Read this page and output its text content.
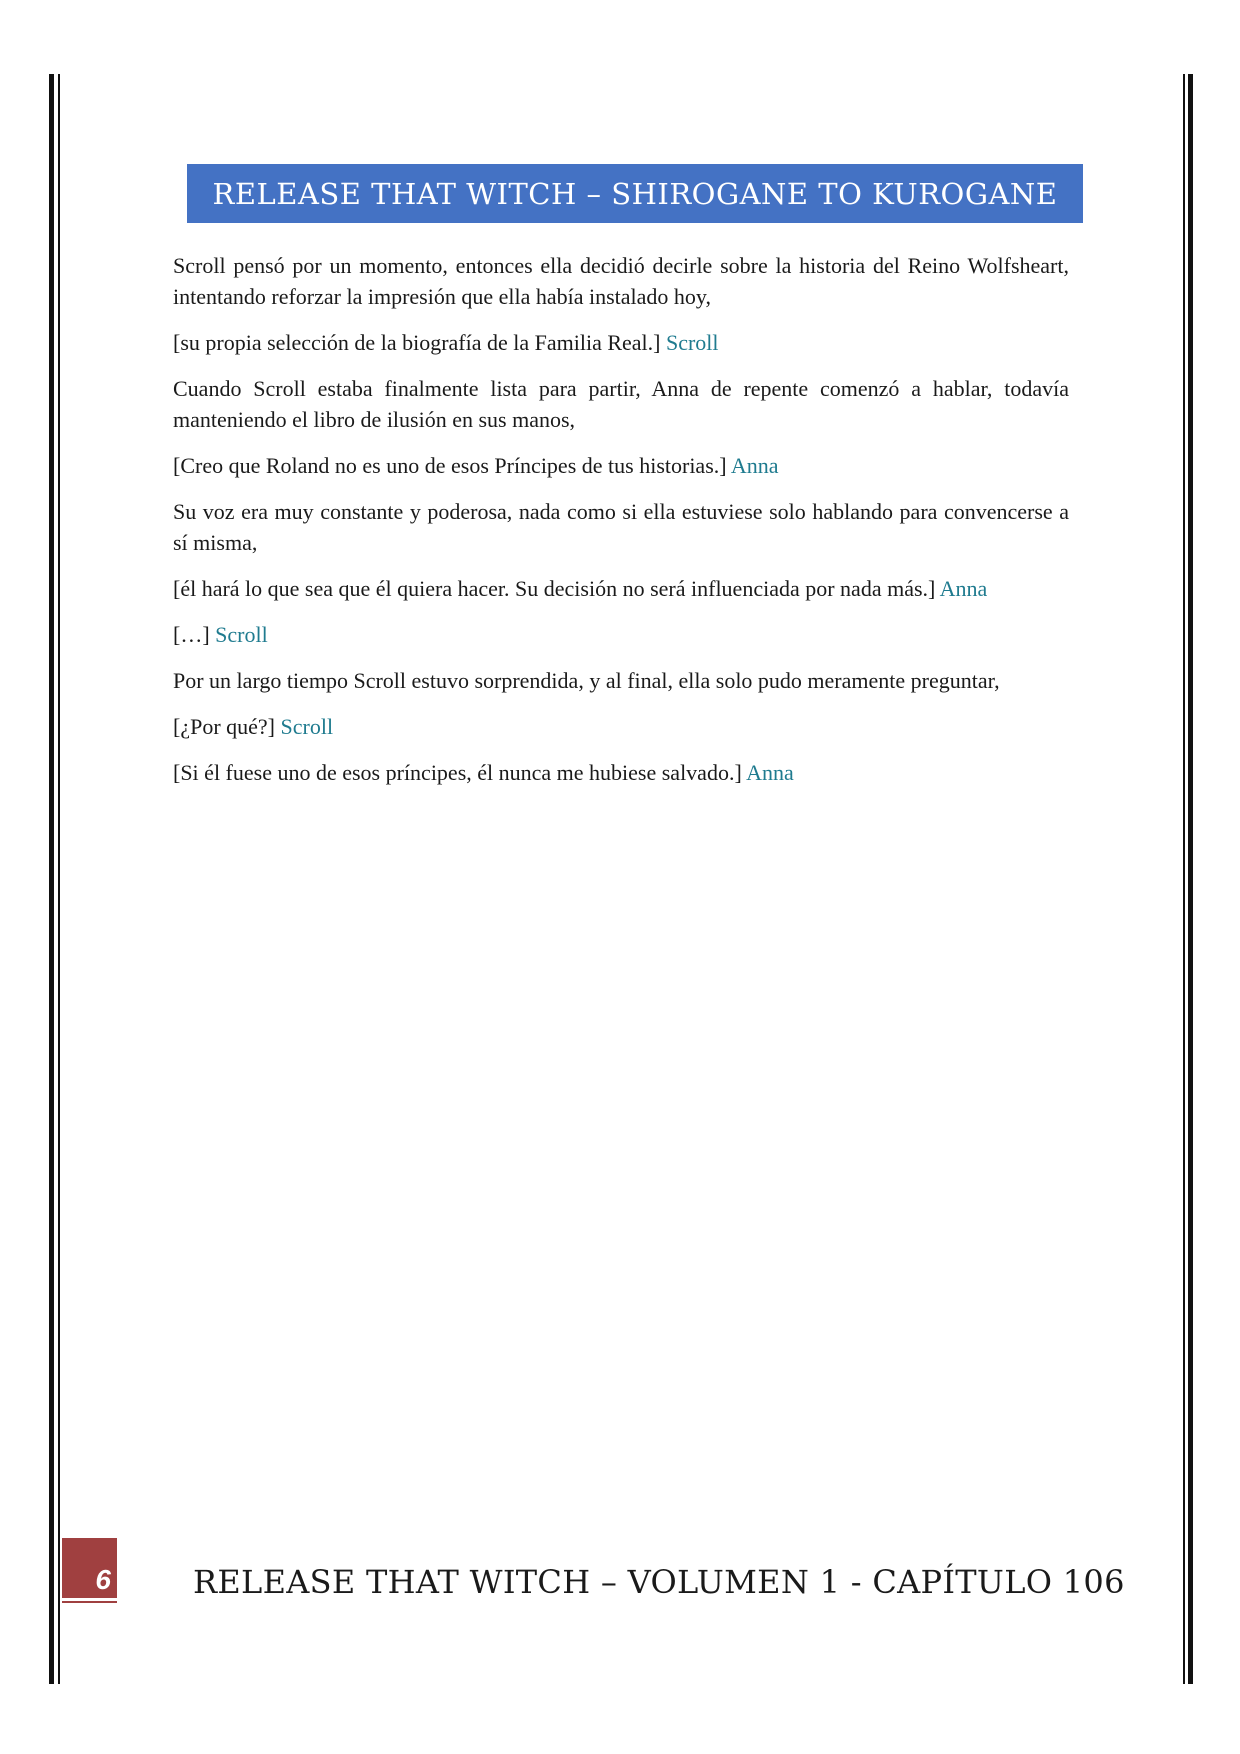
RELEASE THAT WITCH – SHIROGANE TO KUROGANE

Scroll pensó por un momento, entonces ella decidió decirle sobre la historia del Reino Wolfsheart, intentando reforzar la impresión que ella había instalado hoy,

[su propia selección de la biografía de la Familia Real.] Scroll

Cuando Scroll estaba finalmente lista para partir, Anna de repente comenzó a hablar, todavía manteniendo el libro de ilusión en sus manos,

[Creo que Roland no es uno de esos Príncipes de tus historias.] Anna

Su voz era muy constante y poderosa, nada como si ella estuviese solo hablando para convencerse a sí misma,

[él hará lo que sea que él quiera hacer. Su decisión no será influenciada por nada más.] Anna

[…] Scroll

Por un largo tiempo Scroll estuvo sorprendida, y al final, ella solo pudo meramente preguntar,

[¿Por qué?] Scroll

[Si él fuese uno de esos príncipes, él nunca me hubiese salvado.] Anna

6	RELEASE THAT WITCH – VOLUMEN 1 - CAPÍTULO 106
